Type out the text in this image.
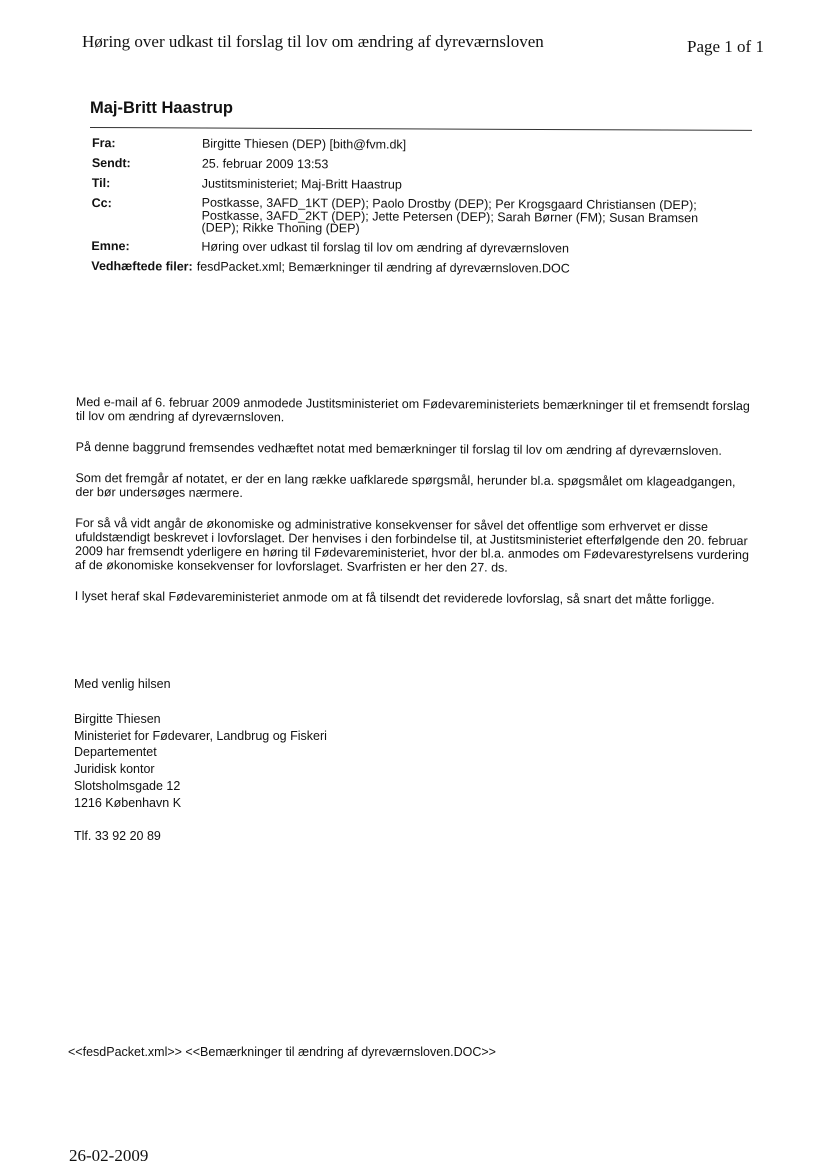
Høring over udkast til forslag til lov om ændring af dyreværnsloven	Page 1 of 1
Maj-Britt Haastrup
Fra:	Birgitte Thiesen (DEP) [bith@fvm.dk]
Sendt:	25. februar 2009 13:53
Til:	Justitsministeriet; Maj-Britt Haastrup
Cc:	Postkasse, 3AFD_1KT (DEP); Paolo Drostby (DEP); Per Krogsgaard Christiansen (DEP); Postkasse, 3AFD_2KT (DEP); Jette Petersen (DEP); Sarah Børner (FM); Susan Bramsen (DEP); Rikke Thoning (DEP)
Emne:	Høring over udkast til forslag til lov om ændring af dyreværnsloven
Vedhæftede filer: fesdPacket.xml; Bemærkninger til ændring af dyreværnsloven.DOC

Med e-mail af 6. februar 2009 anmodede Justitsministeriet om Fødevareministeriets bemærkninger til et fremsendt forslag til lov om ændring af dyreværnsloven.

På denne baggrund fremsendes vedhæftet notat med bemærkninger til forslag til lov om ændring af dyreværnsloven.

Som det fremgår af notatet, er der en lang række uafklarede spørgsmål, herunder bl.a. spøgsmålet om klageadgangen, der bør undersøges nærmere.

For så vå vidt angår de økonomiske og administrative konsekvenser for såvel det offentlige som erhvervet er disse ufuldstændigt beskrevet i lovforslaget. Der henvises i den forbindelse til, at Justitsministeriet efterfølgende den 20. februar 2009 har fremsendt yderligere en høring til Fødevareministeriet, hvor der bl.a. anmodes om Fødevarestyrelsens vurdering af de økonomiske konsekvenser for lovforslaget. Svarfristen er her den 27. ds.

I lyset heraf skal Fødevareministeriet anmode om at få tilsendt det reviderede lovforslag, så snart det måtte forligge.

Med venlig hilsen
Birgitte Thiesen
Ministeriet for Fødevarer, Landbrug og Fiskeri
Departementet
Juridisk kontor
Slotsholmsgade 12
1216 København K
Tlf. 33 92 20 89
<<fesdPacket.xml>> <<Bemærkninger til ændring af dyreværnsloven.DOC>>
26-02-2009
